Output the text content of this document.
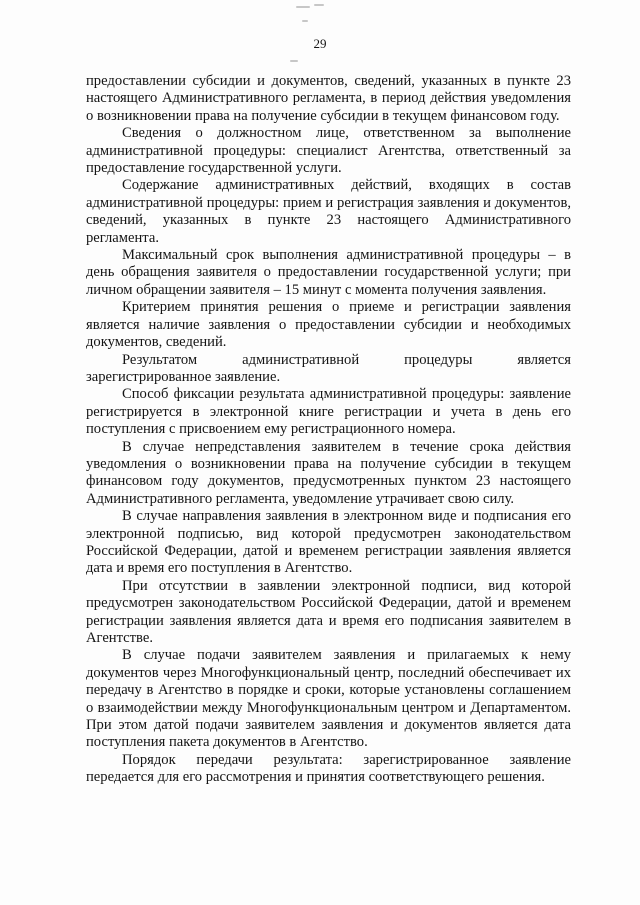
29

предоставлении субсидии и документов, сведений, указанных в пункте 23 настоящего Административного регламента, в период действия уведомления о возникновении права на получение субсидии в текущем финансовом году.

Сведения о должностном лице, ответственном за выполнение административной процедуры: специалист Агентства, ответственный за предоставление государственной услуги.

Содержание административных действий, входящих в состав административной процедуры: прием и регистрация заявления и документов, сведений, указанных в пункте 23 настоящего Административного регламента.

Максимальный срок выполнения административной процедуры – в день обращения заявителя о предоставлении государственной услуги; при личном обращении заявителя – 15 минут с момента получения заявления.

Критерием принятия решения о приеме и регистрации заявления является наличие заявления о предоставлении субсидии и необходимых документов, сведений.

Результатом административной процедуры является зарегистрированное заявление.

Способ фиксации результата административной процедуры: заявление регистрируется в электронной книге регистрации и учета в день его поступления с присвоением ему регистрационного номера.

В случае непредставления заявителем в течение срока действия уведомления о возникновении права на получение субсидии в текущем финансовом году документов, предусмотренных пунктом 23 настоящего Административного регламента, уведомление утрачивает свою силу.

В случае направления заявления в электронном виде и подписания его электронной подписью, вид которой предусмотрен законодательством Российской Федерации, датой и временем регистрации заявления является дата и время его поступления в Агентство.

При отсутствии в заявлении электронной подписи, вид которой предусмотрен законодательством Российской Федерации, датой и временем регистрации заявления является дата и время его подписания заявителем в Агентстве.

В случае подачи заявителем заявления и прилагаемых к нему документов через Многофункциональный центр, последний обеспечивает их передачу в Агентство в порядке и сроки, которые установлены соглашением о взаимодействии между Многофункциональным центром и Департаментом. При этом датой подачи заявителем заявления и документов является дата поступления пакета документов в Агентство.

Порядок передачи результата: зарегистрированное заявление передается для его рассмотрения и принятия соответствующего решения.
